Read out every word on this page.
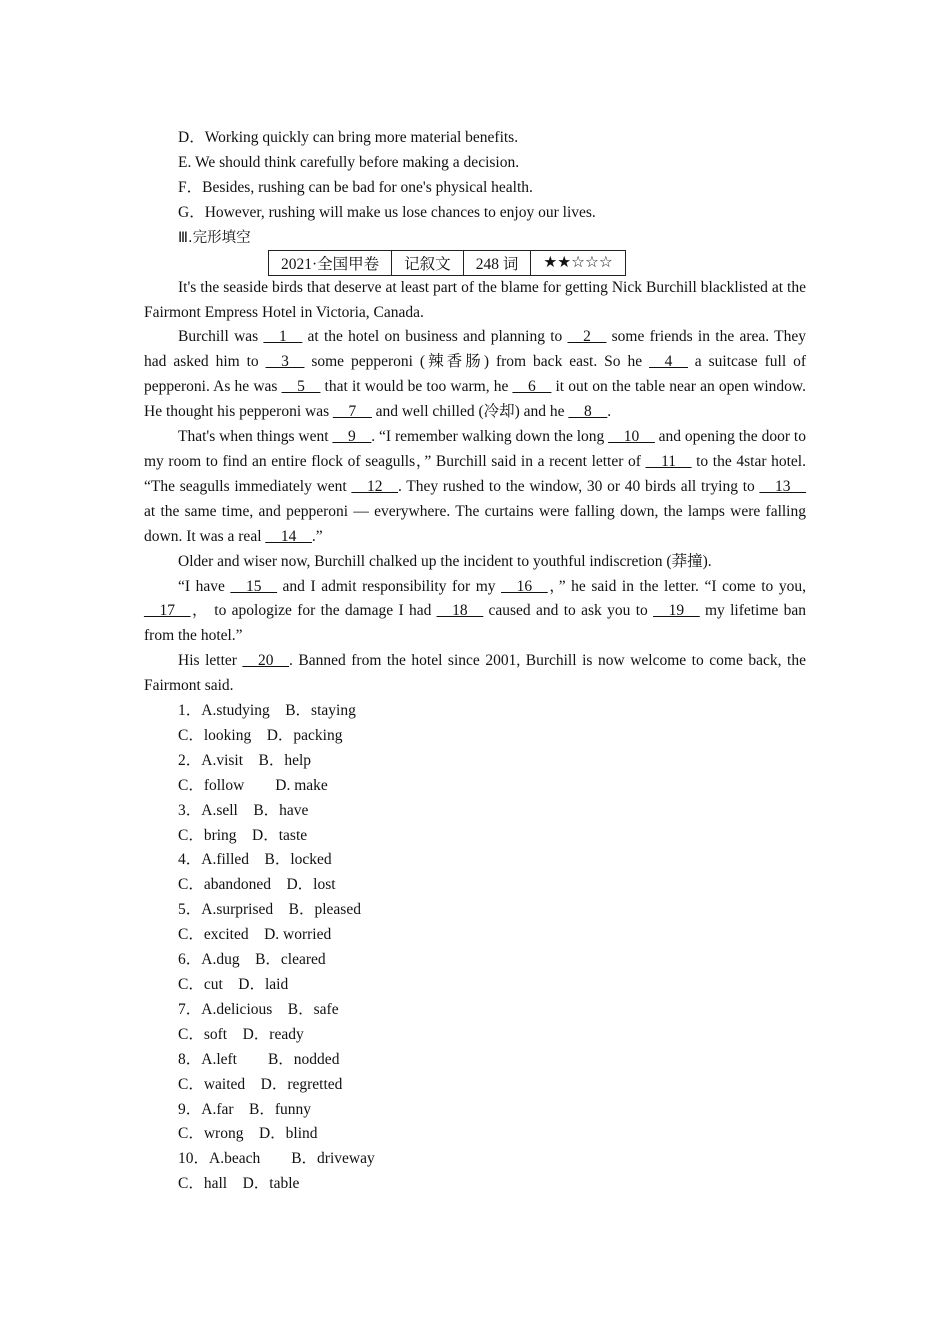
D．Working quickly can bring more material benefits.

E. We should think carefully before making a decision.

F．Besides, rushing can be bad for one's physical health.

G．However, rushing will make us lose chances to enjoy our lives.

Ⅲ.完形填空

2021·全国甲卷	记叙文	248 词	★★☆☆☆

It's the seaside birds that deserve at least part of the blame for getting Nick Burchill blacklisted at the Fairmont Empress Hotel in Victoria, Canada.

Burchill was __1__ at the hotel on business and planning to __2__ some friends in the area. They had asked him to __3__ some pepperoni (辣香肠) from back east. So he __4__ a suitcase full of pepperoni. As he was __5__ that it would be too warm, he __6__ it out on the table near an open window. He thought his pepperoni was __7__ and well chilled (冷却) and he __8__.

That's when things went __9__. “I remember walking down the long __10__ and opening the door to my room to find an entire flock of seagulls，” Burchill said in a recent letter of __11__ to the 4star hotel. “The seagulls immediately went __12__. They rushed to the window, 30 or 40 birds all trying to __13__ at the same time, and pepperoni — everywhere. The curtains were falling down, the lamps were falling down. It was a real __14__.”

Older and wiser now, Burchill chalked up the incident to youthful indiscretion (莽撞).

“I have __15__ and I admit responsibility for my __16__，” he said in the letter. “I come to you, __17__， to apologize for the damage I had __18__ caused and to ask you to __19__ my lifetime ban from the hotel.”

His letter __20__. Banned from the hotel since 2001, Burchill is now welcome to come back, the Fairmont said.

1．A.studying　B．staying

C．looking　D．packing

2．A.visit　B．help

C．follow　　D. make

3．A.sell　B．have

C．bring　D．taste

4．A.filled　B．locked

C．abandoned　D．lost

5．A.surprised　B．pleased

C．excited　D. worried

6．A.dug　B．cleared

C．cut　D．laid

7．A.delicious　B．safe

C．soft　D．ready

8．A.left　　B．nodded

C．waited　D．regretted

9．A.far　B．funny

C．wrong　D．blind

10．A.beach　　B．driveway

C．hall　D．table
